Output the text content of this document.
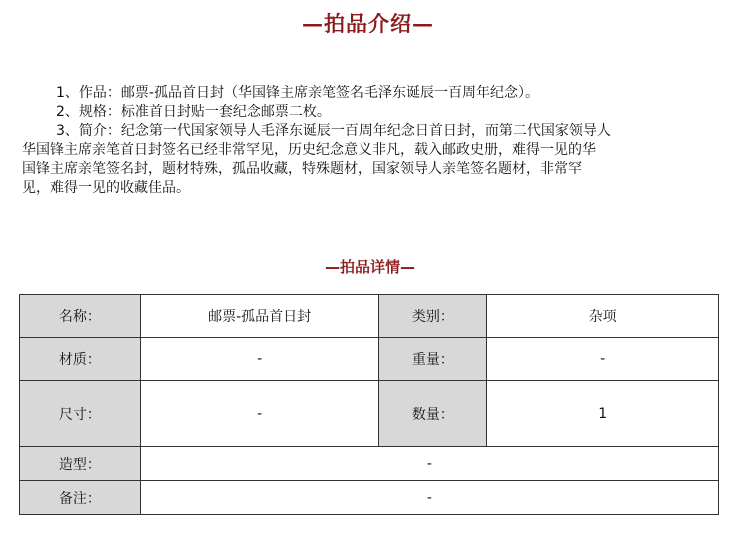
—拍品介绍—

1、作品：邮票-孤品首日封（华国锋主席亲笔签名毛泽东诞辰一百周年纪念）。

2、规格：标准首日封贴一套纪念邮票二枚。

3、简介：纪念第一代国家领导人毛泽东诞辰一百周年纪念日首日封，而第二代国家领导人

华国锋主席亲笔首日封签名已经非常罕见，历史纪念意义非凡，载入邮政史册，难得一见的华

国锋主席亲笔签名封，题材特殊，孤品收藏，特殊题材，国家领导人亲笔签名题材，非常罕

见，难得一见的收藏佳品。

—拍品详情—
名称：	邮票-孤品首日封	类别：	杂项
材质：	-	重量：	-
尺寸：	-	数量：	1
造型：	-		
备注：	-		
